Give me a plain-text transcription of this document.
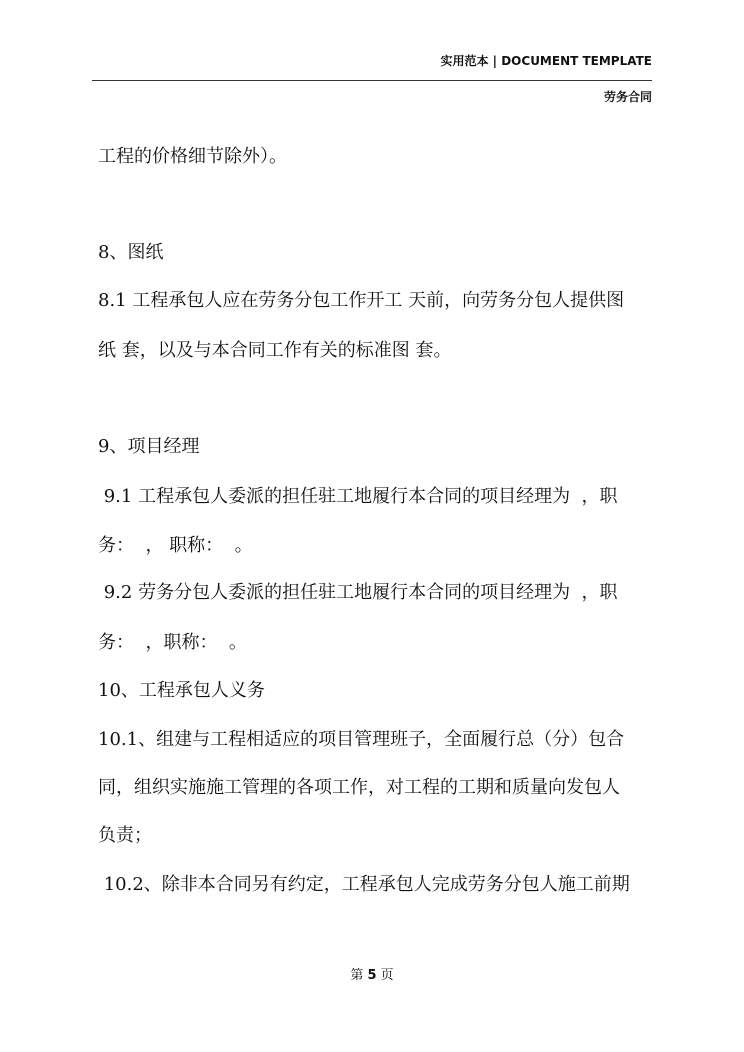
实用范本 | DOCUMENT TEMPLATE
劳务合同
工程的价格细节除外）。
8、图纸
8.1 工程承包人应在劳务分包工作开工 天前，向劳务分包人提供图
纸 套，以及与本合同工作有关的标准图 套。
9、项目经理
9.1 工程承包人委派的担任驻工地履行本合同的项目经理为  ，职
务：  ， 职称：  。
9.2 劳务分包人委派的担任驻工地履行本合同的项目经理为  ，职
务：  ，职称：  。
10、工程承包人义务
10.1、组建与工程相适应的项目管理班子，全面履行总（分）包合
同，组织实施施工管理的各项工作，对工程的工期和质量向发包人
负责；
10.2、除非本合同另有约定，工程承包人完成劳务分包人施工前期
第 5 页
